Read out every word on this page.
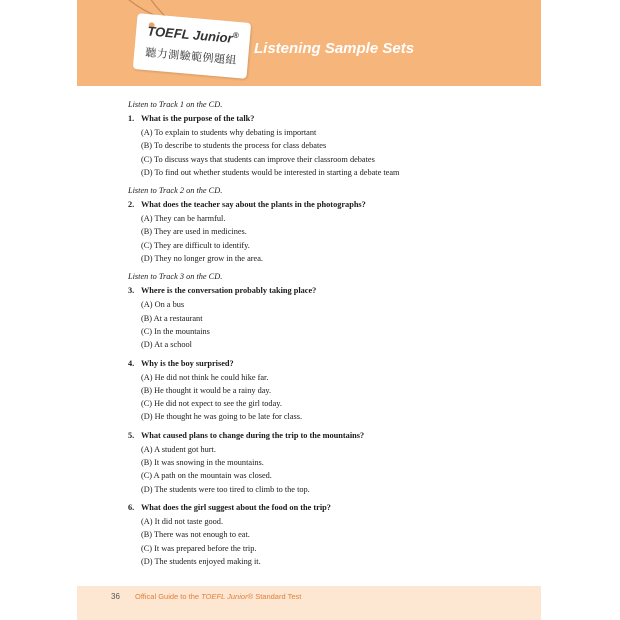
TOEFL Junior®
聽力測驗範例題組	Listening Sample Sets
Listen to Track 1 on the CD.
1. What is the purpose of the talk?
(A) To explain to students why debating is important
(B) To describe to students the process for class debates
(C) To discuss ways that students can improve their classroom debates
(D) To find out whether students would be interested in starting a debate team
Listen to Track 2 on the CD.
2. What does the teacher say about the plants in the photographs?
(A) They can be harmful.
(B) They are used in medicines.
(C) They are difficult to identify.
(D) They no longer grow in the area.
Listen to Track 3 on the CD.
3. Where is the conversation probably taking place?
(A) On a bus
(B) At a restaurant
(C) In the mountains
(D) At a school
4. Why is the boy surprised?
(A) He did not think he could hike far.
(B) He thought it would be a rainy day.
(C) He did not expect to see the girl today.
(D) He thought he was going to be late for class.
5. What caused plans to change during the trip to the mountains?
(A) A student got hurt.
(B) It was snowing in the mountains.
(C) A path on the mountain was closed.
(D) The students were too tired to climb to the top.
6. What does the girl suggest about the food on the trip?
(A) It did not taste good.
(B) There was not enough to eat.
(C) It was prepared before the trip.
(D) The students enjoyed making it.
36 Offical Guide to the TOEFL Junior® Standard Test
